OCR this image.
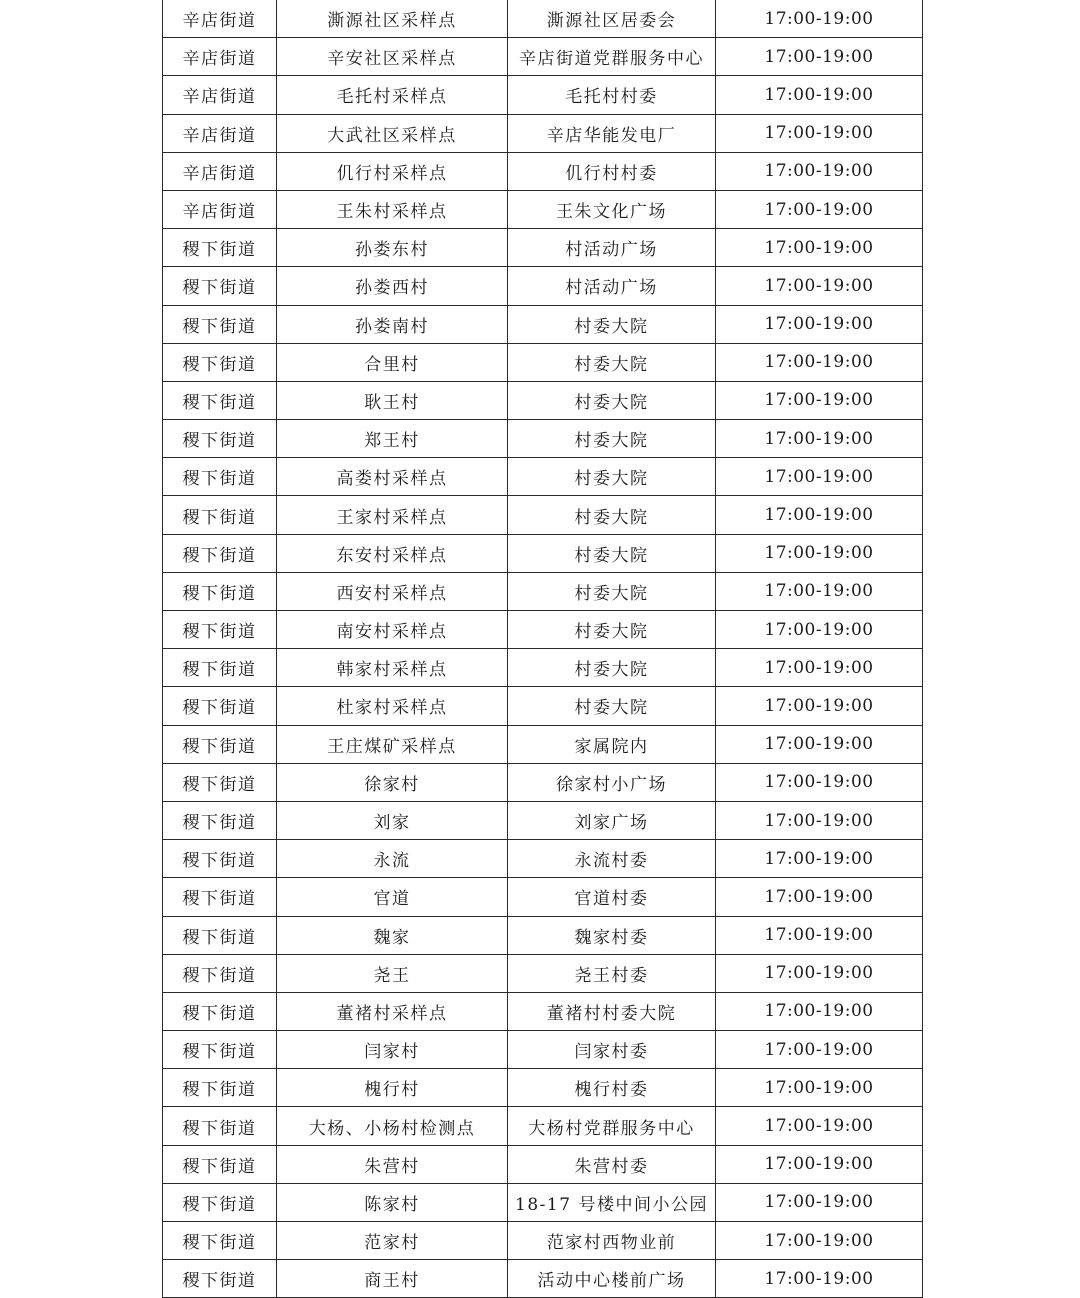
辛店街道	澌源社区采样点	澌源社区居委会	17:00-19:00
辛店街道	辛安社区采样点	辛店街道党群服务中心	17:00-19:00
辛店街道	毛托村采样点	毛托村村委	17:00-19:00
辛店街道	大武社区采样点	辛店华能发电厂	17:00-19:00
辛店街道	仉行村采样点	仉行村村委	17:00-19:00
辛店街道	王朱村采样点	王朱文化广场	17:00-19:00
稷下街道	孙娄东村	村活动广场	17:00-19:00
稷下街道	孙娄西村	村活动广场	17:00-19:00
稷下街道	孙娄南村	村委大院	17:00-19:00
稷下街道	合里村	村委大院	17:00-19:00
稷下街道	耿王村	村委大院	17:00-19:00
稷下街道	郑王村	村委大院	17:00-19:00
稷下街道	高娄村采样点	村委大院	17:00-19:00
稷下街道	王家村采样点	村委大院	17:00-19:00
稷下街道	东安村采样点	村委大院	17:00-19:00
稷下街道	西安村采样点	村委大院	17:00-19:00
稷下街道	南安村采样点	村委大院	17:00-19:00
稷下街道	韩家村采样点	村委大院	17:00-19:00
稷下街道	杜家村采样点	村委大院	17:00-19:00
稷下街道	王庄煤矿采样点	家属院内	17:00-19:00
稷下街道	徐家村	徐家村小广场	17:00-19:00
稷下街道	刘家	刘家广场	17:00-19:00
稷下街道	永流	永流村委	17:00-19:00
稷下街道	官道	官道村委	17:00-19:00
稷下街道	魏家	魏家村委	17:00-19:00
稷下街道	尧王	尧王村委	17:00-19:00
稷下街道	董褚村采样点	董褚村村委大院	17:00-19:00
稷下街道	闫家村	闫家村委	17:00-19:00
稷下街道	槐行村	槐行村委	17:00-19:00
稷下街道	大杨、小杨村检测点	大杨村党群服务中心	17:00-19:00
稷下街道	朱营村	朱营村委	17:00-19:00
稷下街道	陈家村	18-17 号楼中间小公园	17:00-19:00
稷下街道	范家村	范家村西物业前	17:00-19:00
稷下街道	商王村	活动中心楼前广场	17:00-19:00
